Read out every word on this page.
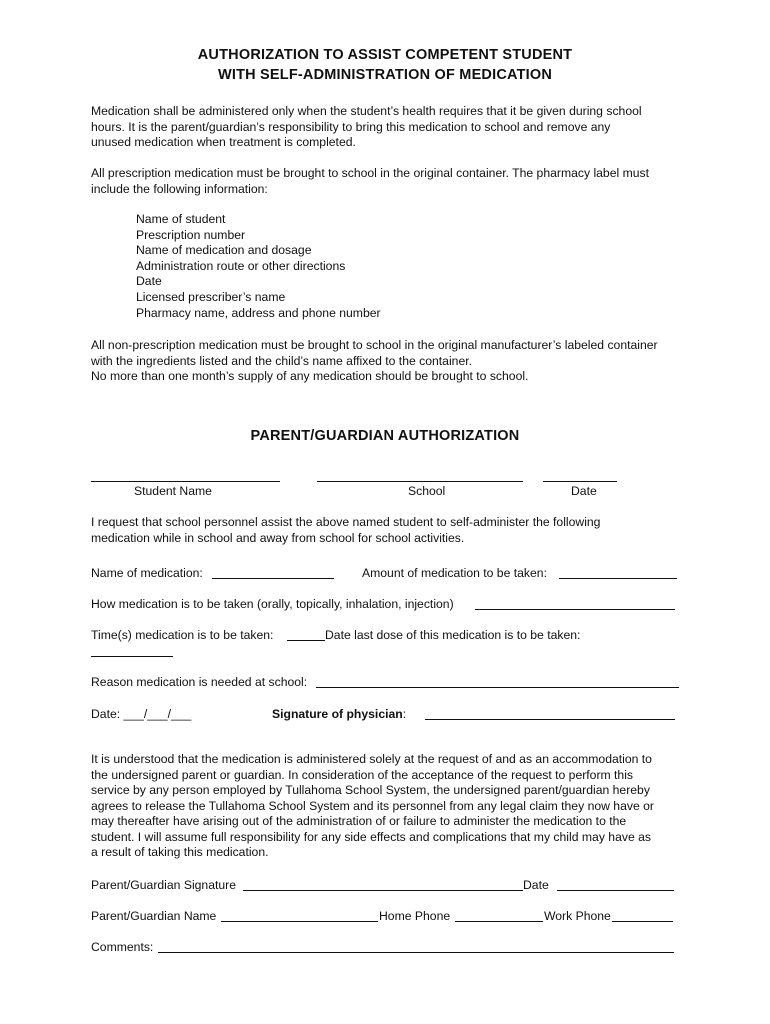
AUTHORIZATION TO ASSIST COMPETENT STUDENT
WITH SELF-ADMINISTRATION OF MEDICATION
Medication shall be administered only when the student’s health requires that it be given during school
hours. It is the parent/guardian’s responsibility to bring this medication to school and remove any
unused medication when treatment is completed.
All prescription medication must be brought to school in the original container. The pharmacy label must
include the following information:
Name of student
Prescription number
Name of medication and dosage
Administration route or other directions
Date
Licensed prescriber’s name
Pharmacy name, address and phone number
All non-prescription medication must be brought to school in the original manufacturer’s labeled container
with the ingredients listed and the child’s name affixed to the container.
No more than one month’s supply of any medication should be brought to school.
PARENT/GUARDIAN AUTHORIZATION
Student Name	School	Date
I request that school personnel assist the above named student to self-administer the following
medication while in school and away from school for school activities.
Name of medication:	Amount of medication to be taken:
How medication is to be taken (orally, topically, inhalation, injection)
Time(s) medication is to be taken:	Date last dose of this medication is to be taken:
Reason medication is needed at school:
Date: ___/___/___	Signature of physician:
It is understood that the medication is administered solely at the request of and as an accommodation to
the undersigned parent or guardian. In consideration of the acceptance of the request to perform this
service by any person employed by Tullahoma School System, the undersigned parent/guardian hereby
agrees to release the Tullahoma School System and its personnel from any legal claim they now have or
may thereafter have arising out of the administration of or failure to administer the medication to the
student. I will assume full responsibility for any side effects and complications that my child may have as
a result of taking this medication.
Parent/Guardian Signature	Date
Parent/Guardian Name	Home Phone	Work Phone
Comments:
